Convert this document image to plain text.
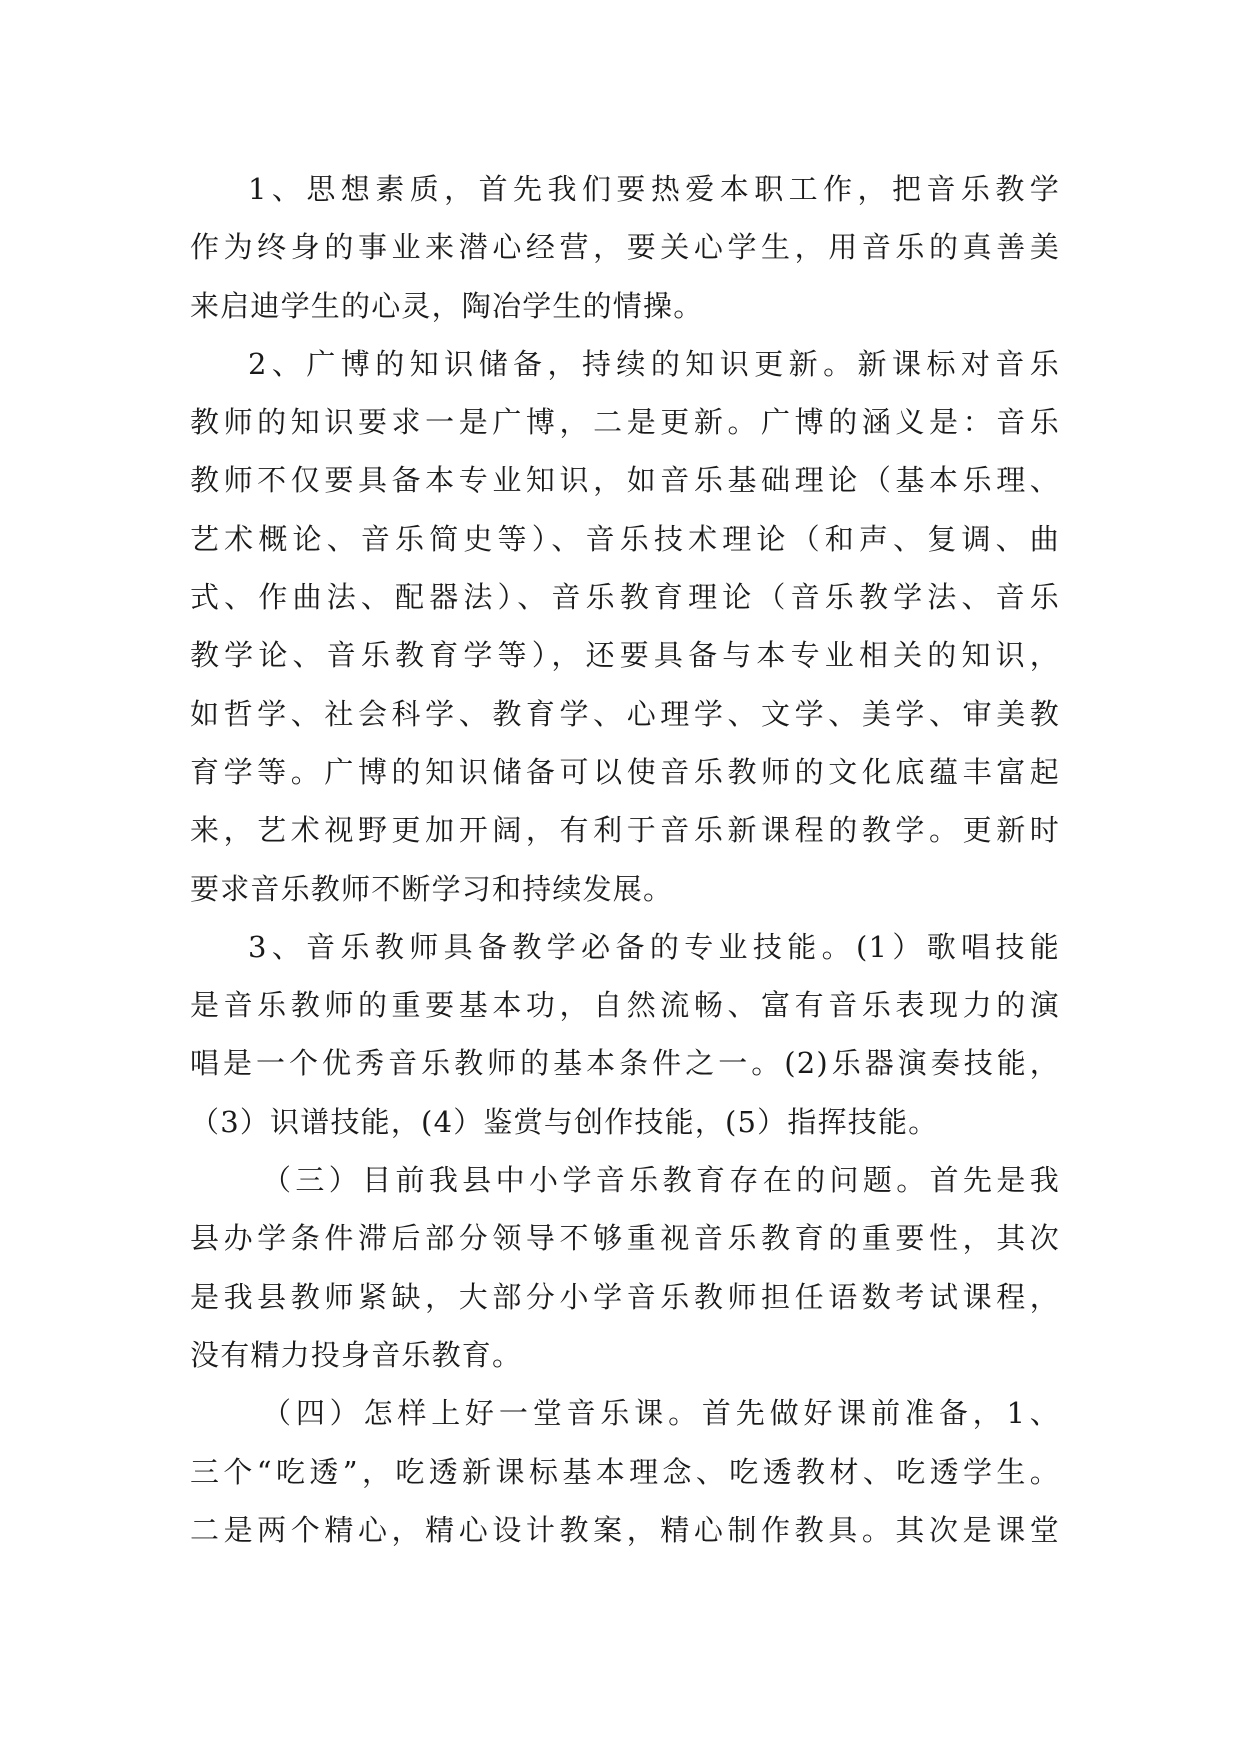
1、思想素质，首先我们要热爱本职工作，把音乐教学
作为终身的事业来潜心经营，要关心学生，用音乐的真善美
来启迪学生的心灵，陶冶学生的情操。
2、广博的知识储备，持续的知识更新。新课标对音乐
教师的知识要求一是广博，二是更新。广博的涵义是：音乐
教师不仅要具备本专业知识，如音乐基础理论（基本乐理、
艺术概论、音乐简史等）、音乐技术理论（和声、复调、曲
式、作曲法、配器法）、音乐教育理论（音乐教学法、音乐
教学论、音乐教育学等），还要具备与本专业相关的知识，
如哲学、社会科学、教育学、心理学、文学、美学、审美教
育学等。广博的知识储备可以使音乐教师的文化底蕴丰富起
来，艺术视野更加开阔，有利于音乐新课程的教学。更新时
要求音乐教师不断学习和持续发展。
3、音乐教师具备教学必备的专业技能。(1）歌唱技能
是音乐教师的重要基本功，自然流畅、富有音乐表现力的演
唱是一个优秀音乐教师的基本条件之一。(2)乐器演奏技能，
（3）识谱技能，(4）鉴赏与创作技能，(5）指挥技能。
（三）目前我县中小学音乐教育存在的问题。首先是我
县办学条件滞后部分领导不够重视音乐教育的重要性，其次
是我县教师紧缺，大部分小学音乐教师担任语数考试课程，
没有精力投身音乐教育。
（四）怎样上好一堂音乐课。首先做好课前准备，1、
三个“吃透”，吃透新课标基本理念、吃透教材、吃透学生。
二是两个精心，精心设计教案，精心制作教具。其次是课堂
